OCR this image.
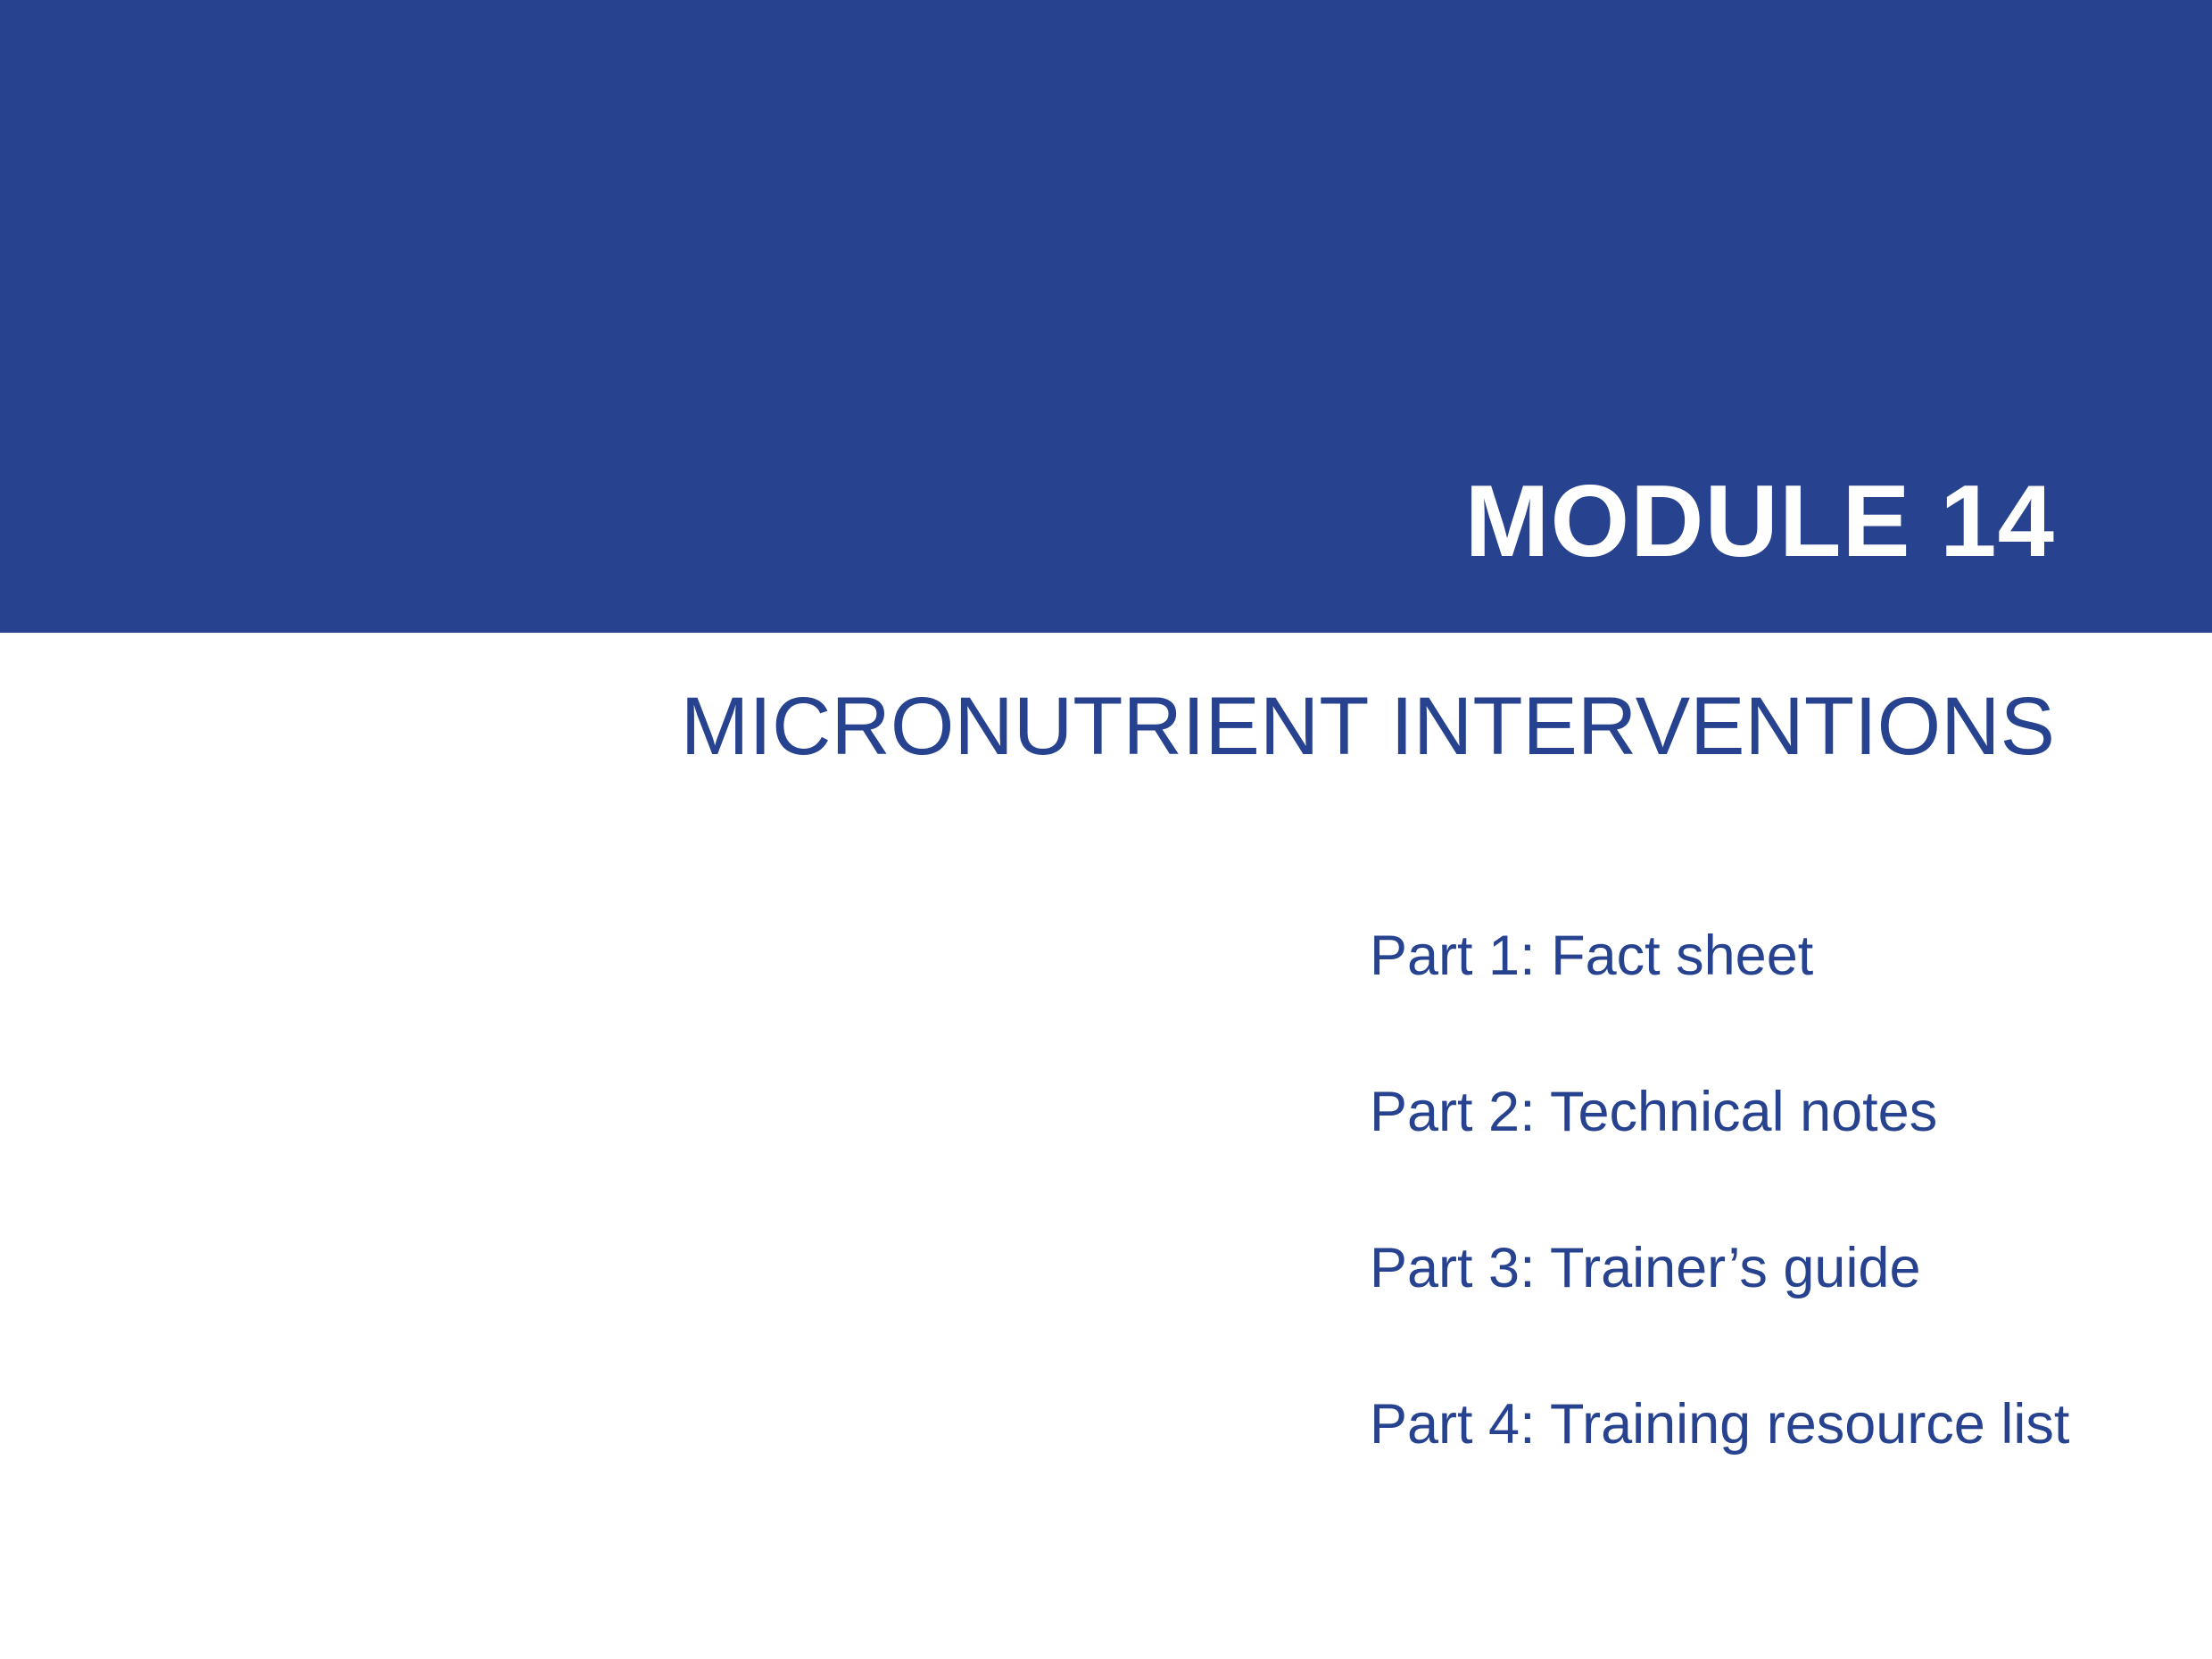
MODULE 14
MICRONUTRIENT INTERVENTIONS
Part 1: Fact sheet
Part 2: Technical notes
Part 3: Trainer’s guide
Part 4: Training resource list
